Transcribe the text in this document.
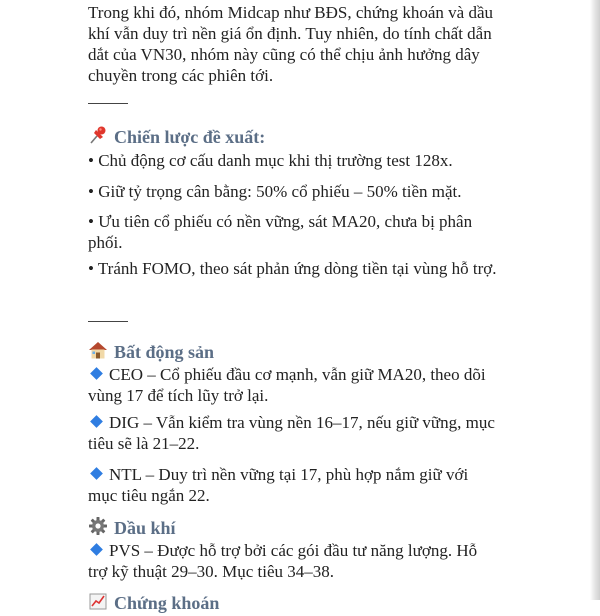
Trong khi đó, nhóm Midcap như BĐS, chứng khoán và dầu khí vẫn duy trì nền giá ổn định. Tuy nhiên, do tính chất dẫn dắt của VN30, nhóm này cũng có thể chịu ảnh hưởng dây chuyền trong các phiên tới.

Chiến lược đề xuất:

• Chủ động cơ cấu danh mục khi thị trường test 128x.

• Giữ tỷ trọng cân bằng: 50% cổ phiếu – 50% tiền mặt.

• Ưu tiên cổ phiếu có nền vững, sát MA20, chưa bị phân phối.

• Tránh FOMO, theo sát phản ứng dòng tiền tại vùng hỗ trợ.

Bất động sản

CEO – Cổ phiếu đầu cơ mạnh, vẫn giữ MA20, theo dõi vùng 17 để tích lũy trở lại.

DIG – Vẫn kiểm tra vùng nền 16–17, nếu giữ vững, mục tiêu sẽ là 21–22.

NTL – Duy trì nền vững tại 17, phù hợp nắm giữ với mục tiêu ngắn 22.

Dầu khí

PVS – Được hỗ trợ bởi các gói đầu tư năng lượng. Hỗ trợ kỹ thuật 29–30. Mục tiêu 34–38.

Chứng khoán
